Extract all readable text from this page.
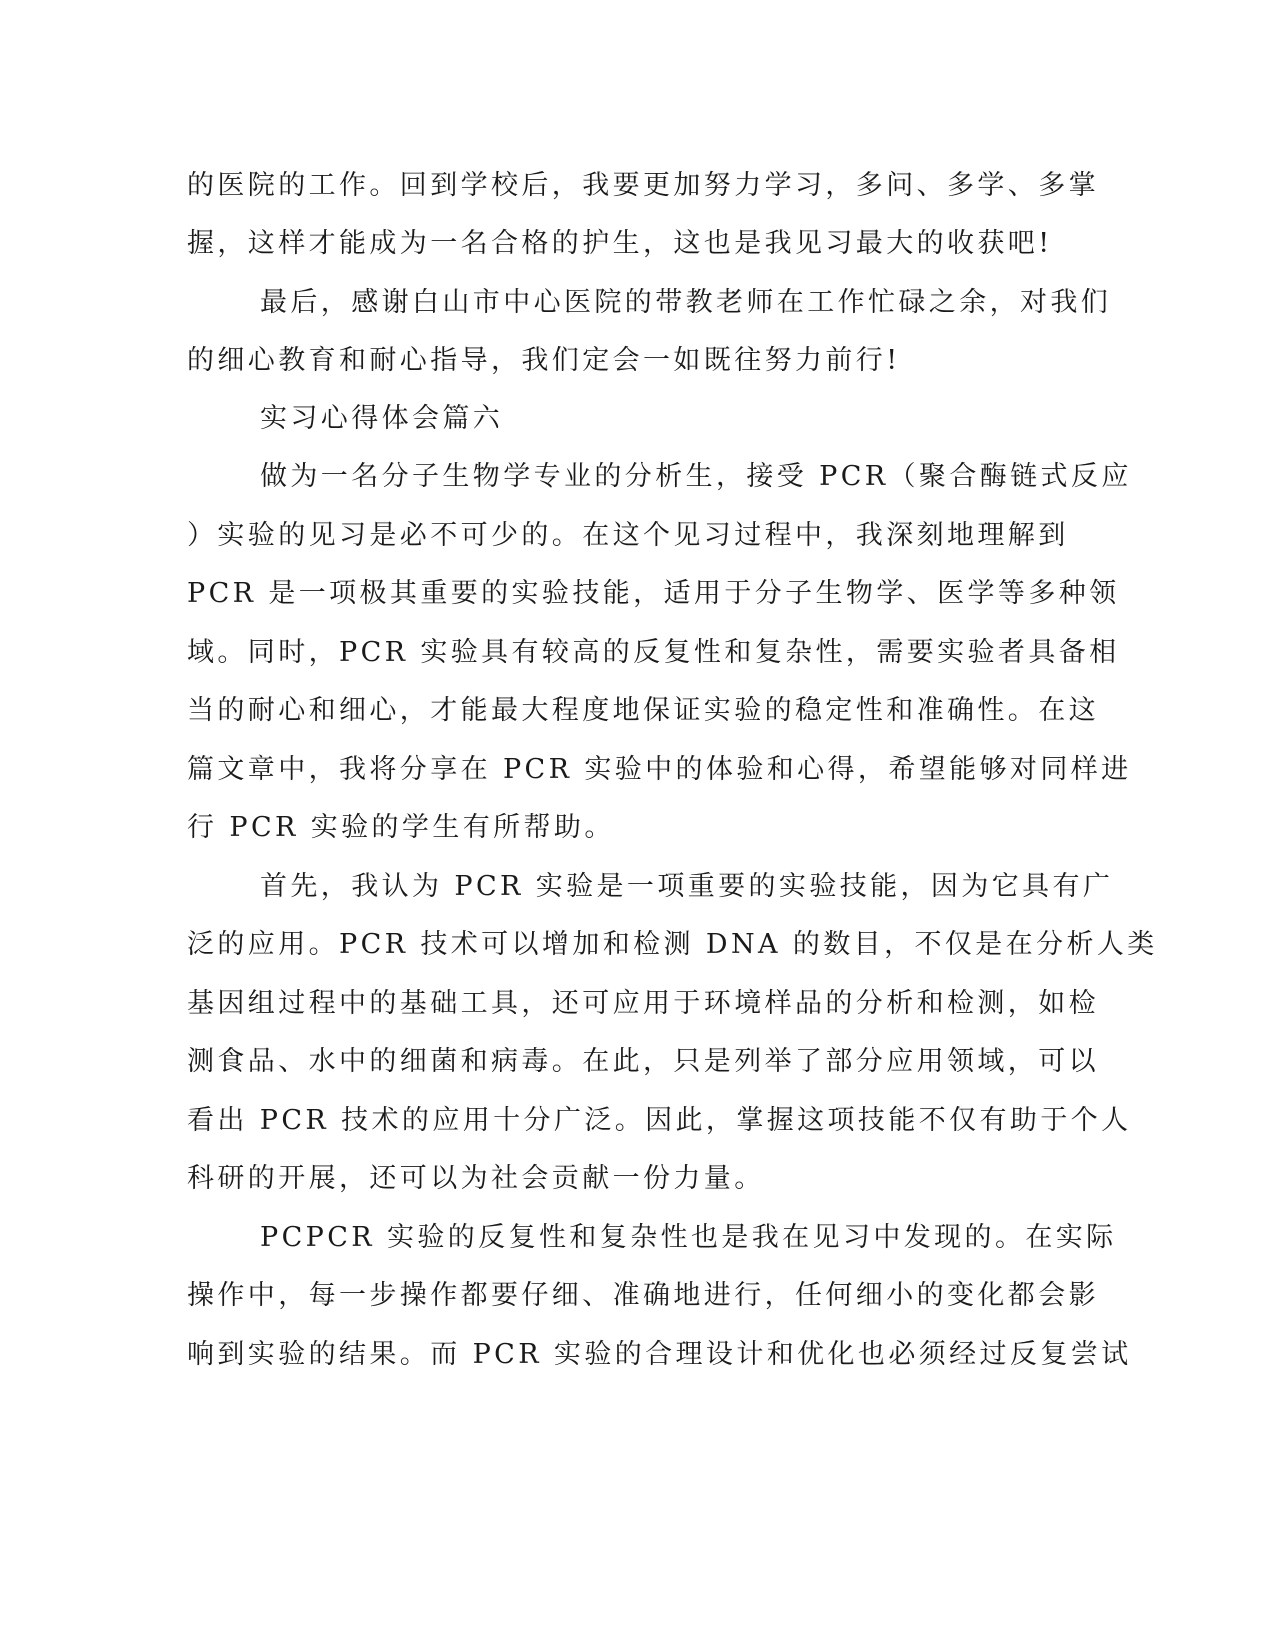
的医院的工作。回到学校后，我要更加努力学习，多问、多学、多掌
握，这样才能成为一名合格的护生，这也是我见习最大的收获吧!
最后，感谢白山市中心医院的带教老师在工作忙碌之余，对我们
的细心教育和耐心指导，我们定会一如既往努力前行!
实习心得体会篇六
做为一名分子生物学专业的分析生，接受 PCR（聚合酶链式反应
）实验的见习是必不可少的。在这个见习过程中，我深刻地理解到
PCR 是一项极其重要的实验技能，适用于分子生物学、医学等多种领
域。同时，PCR 实验具有较高的反复性和复杂性，需要实验者具备相
当的耐心和细心，才能最大程度地保证实验的稳定性和准确性。在这
篇文章中，我将分享在 PCR 实验中的体验和心得，希望能够对同样进
行 PCR 实验的学生有所帮助。
首先，我认为 PCR 实验是一项重要的实验技能，因为它具有广
泛的应用。PCR 技术可以增加和检测 DNA 的数目，不仅是在分析人类
基因组过程中的基础工具，还可应用于环境样品的分析和检测，如检
测食品、水中的细菌和病毒。在此，只是列举了部分应用领域，可以
看出 PCR 技术的应用十分广泛。因此，掌握这项技能不仅有助于个人
科研的开展，还可以为社会贡献一份力量。
PCPCR 实验的反复性和复杂性也是我在见习中发现的。在实际
操作中，每一步操作都要仔细、准确地进行，任何细小的变化都会影
响到实验的结果。而 PCR 实验的合理设计和优化也必须经过反复尝试
